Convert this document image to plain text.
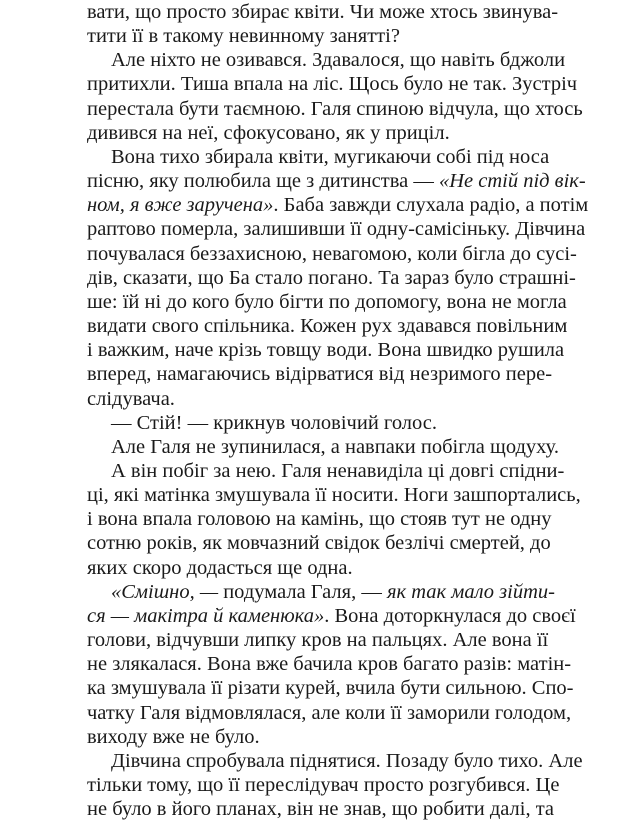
вати, що просто збирає квіти. Чи може хтось звинува-
тити її в такому невинному занятті?
Але ніхто не озивався. Здавалося, що навіть бджоли
притихли. Тиша впала на ліс. Щось було не так. Зустріч
перестала бути таємною. Галя спиною відчула, що хтось
дивився на неї, сфокусовано, як у приціл.
Вона тихо збирала квіти, мугикаючи собі під носа
пісню, яку полюбила ще з дитинства — «Не стій під вік-
ном, я вже заручена». Баба завжди слухала радіо, а потім
раптово померла, залишивши її одну-самісіньку. Дівчина
почувалася беззахисною, невагомою, коли бігла до сусі-
дів, сказати, що Ба стало погано. Та зараз було страшні-
ше: їй ні до кого було бігти по допомогу, вона не могла
видати свого спільника. Кожен рух здавався повільним
і важким, наче крізь товщу води. Вона швидко рушила
вперед, намагаючись відірватися від незримого пере-
слідувача.
— Стій! — крикнув чоловічий голос.
Але Галя не зупинилася, а навпаки побігла щодуху.
А він побіг за нею. Галя ненавиділа ці довгі спідни-
ці, які матінка змушувала її носити. Ноги зашпортались,
і вона впала головою на камінь, що стояв тут не одну
сотню років, як мовчазний свідок безлічі смертей, до
яких скоро додасться ще одна.
«Смішно, — подумала Галя, — як так мало зійти-
ся — макітра й каменюка». Вона доторкнулася до своєї
голови, відчувши липку кров на пальцях. Але вона її
не злякалася. Вона вже бачила кров багато разів: матін-
ка змушувала її різати курей, вчила бути сильною. Спо-
чатку Галя відмовлялася, але коли її заморили голодом,
виходу вже не було.
Дівчина спробувала піднятися. Позаду було тихо. Але
тільки тому, що її переслідувач просто розгубився. Це
не було в його планах, він не знав, що робити далі, та
